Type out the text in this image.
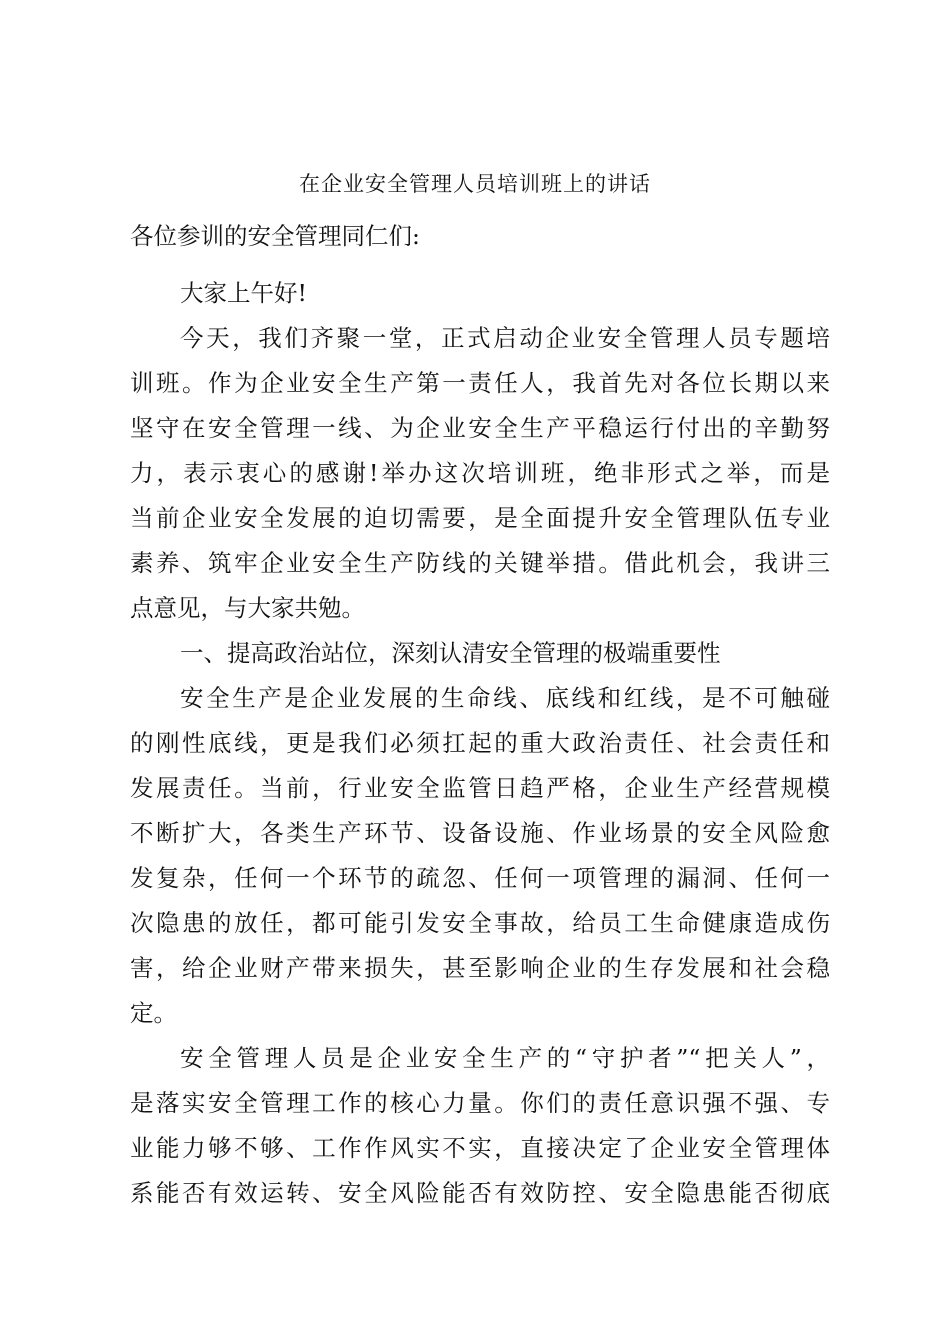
在企业安全管理人员培训班上的讲话
各位参训的安全管理同仁们:
大家上午好!
今天，我们齐聚一堂，正式启动企业安全管理人员专题培
训班。作为企业安全生产第一责任人，我首先对各位长期以来
坚守在安全管理一线、为企业安全生产平稳运行付出的辛勤努
力，表示衷心的感谢!举办这次培训班，绝非形式之举，而是
当前企业安全发展的迫切需要，是全面提升安全管理队伍专业
素养、筑牢企业安全生产防线的关键举措。借此机会，我讲三
点意见，与大家共勉。
一、提高政治站位，深刻认清安全管理的极端重要性
安全生产是企业发展的生命线、底线和红线，是不可触碰
的刚性底线，更是我们必须扛起的重大政治责任、社会责任和
发展责任。当前，行业安全监管日趋严格，企业生产经营规模
不断扩大，各类生产环节、设备设施、作业场景的安全风险愈
发复杂，任何一个环节的疏忽、任何一项管理的漏洞、任何一
次隐患的放任，都可能引发安全事故，给员工生命健康造成伤
害，给企业财产带来损失，甚至影响企业的生存发展和社会稳
定。
安全管理人员是企业安全生产的“守护者”“把关人”，
是落实安全管理工作的核心力量。你们的责任意识强不强、专
业能力够不够、工作作风实不实，直接决定了企业安全管理体
系能否有效运转、安全风险能否有效防控、安全隐患能否彻底
